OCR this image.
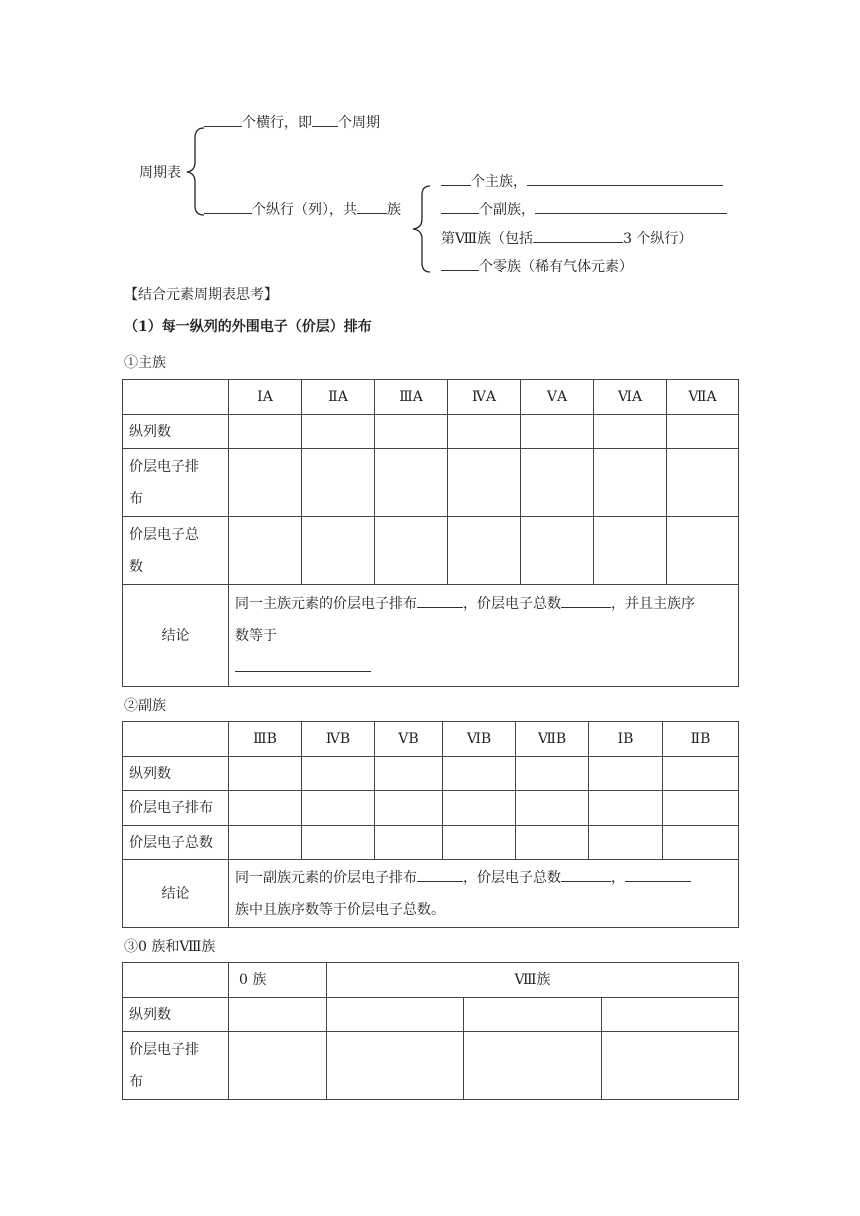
周期表
个横行，即 个周期
个纵行（列），共 族
个主族，
个副族，
第Ⅷ族（包括	3 个纵行）
个零族（稀有气体元素）
【结合元素周期表思考】
（1）每一纵列的外围电子（价层）排布
①主族
	ⅠA	ⅡA	ⅢA	ⅣA	ⅤA	ⅥA	ⅦA
纵列数							
价层电子排
布							
价层电子总
数							
结论	同一主族元素的价层电子排布 ，价层电子总数 ，并且主族序
数等于						

②副族
	ⅢB	ⅣB	ⅤB	ⅥB	ⅦB	ⅠB	ⅡB
纵列数							
价层电子排布							
价层电子总数							
结论	同一副族元素的价层电子排布 ，价层电子总数 ，
族中且族序数等于价层电子总数。						
③0 族和Ⅷ族
	0 族	Ⅷ族		
纵列数				
价层电子排
布				
